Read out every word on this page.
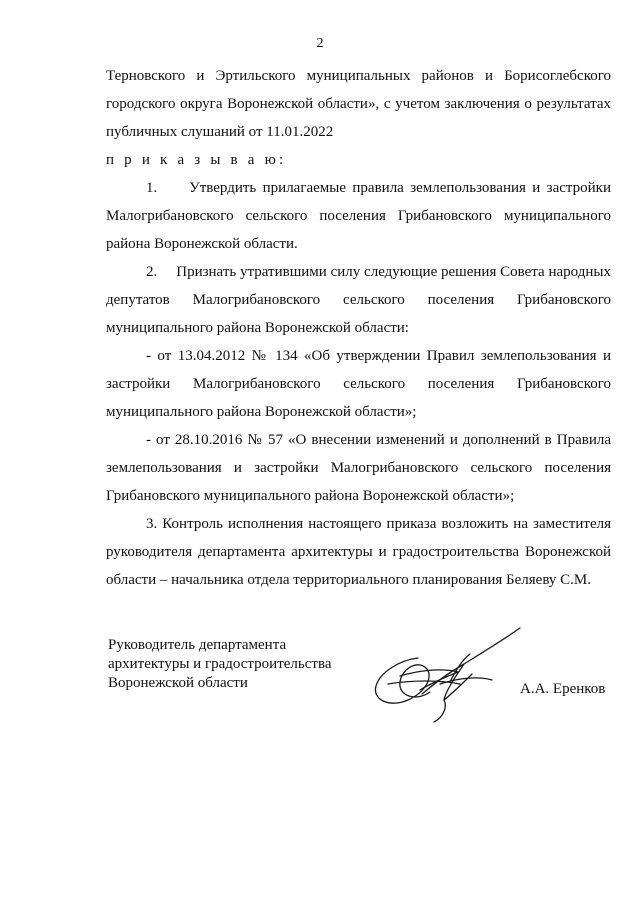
2

Терновского и Эртильского муниципальных районов и Борисоглебского городского округа Воронежской области», с учетом заключения о результатах публичных слушаний от 11.01.2022

п р и к а з ы в а ю:

1.     Утвердить прилагаемые правила землепользования и застройки Малогрибановского сельского поселения Грибановского муниципального района Воронежской области.

2.     Признать утратившими силу следующие решения Совета народных депутатов Малогрибановского сельского поселения Грибановского муниципального района Воронежской области:

- от 13.04.2012 № 134 «Об утверждении Правил землепользования и застройки Малогрибановского сельского поселения Грибановского муниципального района Воронежской области»;

- от 28.10.2016 № 57 «О внесении изменений и дополнений в Правила землепользования и застройки Малогрибановского сельского поселения Грибановского муниципального района Воронежской области»;

3. Контроль исполнения настоящего приказа возложить на заместителя руководителя департамента архитектуры и градостроительства Воронежской области – начальника отдела территориального планирования Беляеву С.М.

Руководитель департамента
архитектуры и градостроительства
Воронежской области	А.А. Еренков
